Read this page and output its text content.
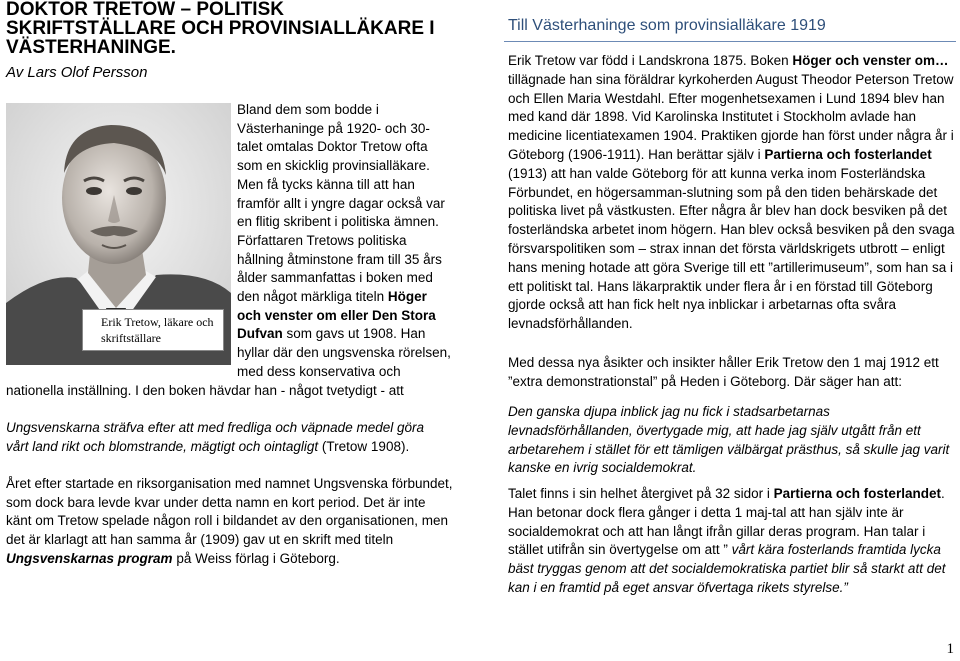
DOKTOR TRETOW – POLITISK
SKRIFTSTÄLLARE OCH PROVINSIALLÄKARE I
VÄSTERHANINGE.
Av Lars Olof Persson
Erik Tretow, läkare och
skriftställare
Bland dem som bodde i
Västerhaninge på 1920- och 30-
talet omtalas Doktor Tretow ofta
som en skicklig provinsialläkare.
Men få tycks känna till att han
framför allt i yngre dagar också var
en flitig skribent i politiska ämnen.
Författaren Tretows politiska
hållning åtminstone fram till 35 års
ålder sammanfattas i boken med
den något märkliga titeln Höger
och venster om eller Den Stora
Dufvan som gavs ut 1908. Han
hyllar där den ungsvenska rörelsen,
med dess konservativa och
nationella inställning. I den boken hävdar han - något tvetydigt - att
Ungsvenskarna sträfva efter att med fredliga och väpnade medel göra
vårt land rikt och blomstrande, mägtigt och ointagligt (Tretow 1908).
Året efter startade en riksorganisation med namnet Ungsvenska förbundet,
som dock bara levde kvar under detta namn en kort period. Det är inte
känt om Tretow spelade någon roll i bildandet av den organisationen, men
det är klarlagt att han samma år (1909) gav ut en skrift med titeln
Ungsvenskarnas program på Weiss förlag i Göteborg.
Till Västerhaninge som provinsialläkare 1919
Erik Tretow var född i Landskrona 1875. Boken Höger och venster om…
tillägnade han sina föräldrar kyrkoherden August Theodor Peterson Tretow
och Ellen Maria Westdahl. Efter mogenhetsexamen i Lund 1894 blev han
med kand där 1898. Vid Karolinska Institutet i Stockholm avlade han
medicine licentiatexamen 1904. Praktiken gjorde han först under några år i
Göteborg (1906-1911). Han berättar själv i Partierna och fosterlandet
(1913) att han valde Göteborg för att kunna verka inom Fosterländska
Förbundet, en högersamman-slutning som på den tiden behärskade det
politiska livet på västkusten. Efter några år blev han dock besviken på det
fosterländska arbetet inom högern. Han blev också besviken på den svaga
försvarspolitiken som – strax innan det första världskrigets utbrott – enligt
hans mening hotade att göra Sverige till ett ”artillerimuseum”, som han sa i
ett politiskt tal. Hans läkarpraktik under flera år i en förstad till Göteborg
gjorde också att han fick helt nya inblickar i arbetarnas ofta svåra
levnadsförhållanden.
Med dessa nya åsikter och insikter håller Erik Tretow den 1 maj 1912 ett
”extra demonstrationstal” på Heden i Göteborg. Där säger han att:
Den ganska djupa inblick jag nu fick i stadsarbetarnas
levnadsförhållanden, övertygade mig, att hade jag själv utgått från ett
arbetarehem i stället för ett tämligen välbärgat prästhus, så skulle jag varit
kanske en ivrig socialdemokrat.
Talet finns i sin helhet återgivet på 32 sidor i Partierna och fosterlandet.
Han betonar dock flera gånger i detta 1 maj-tal att han själv inte är
socialdemokrat och att han långt ifrån gillar deras program. Han talar i
stället utifrån sin övertygelse om att ” vårt kära fosterlands framtida lycka
bäst tryggas genom att det socialdemokratiska partiet blir så starkt att det
kan i en framtid på eget ansvar öfvertaga rikets styrelse.”
1
